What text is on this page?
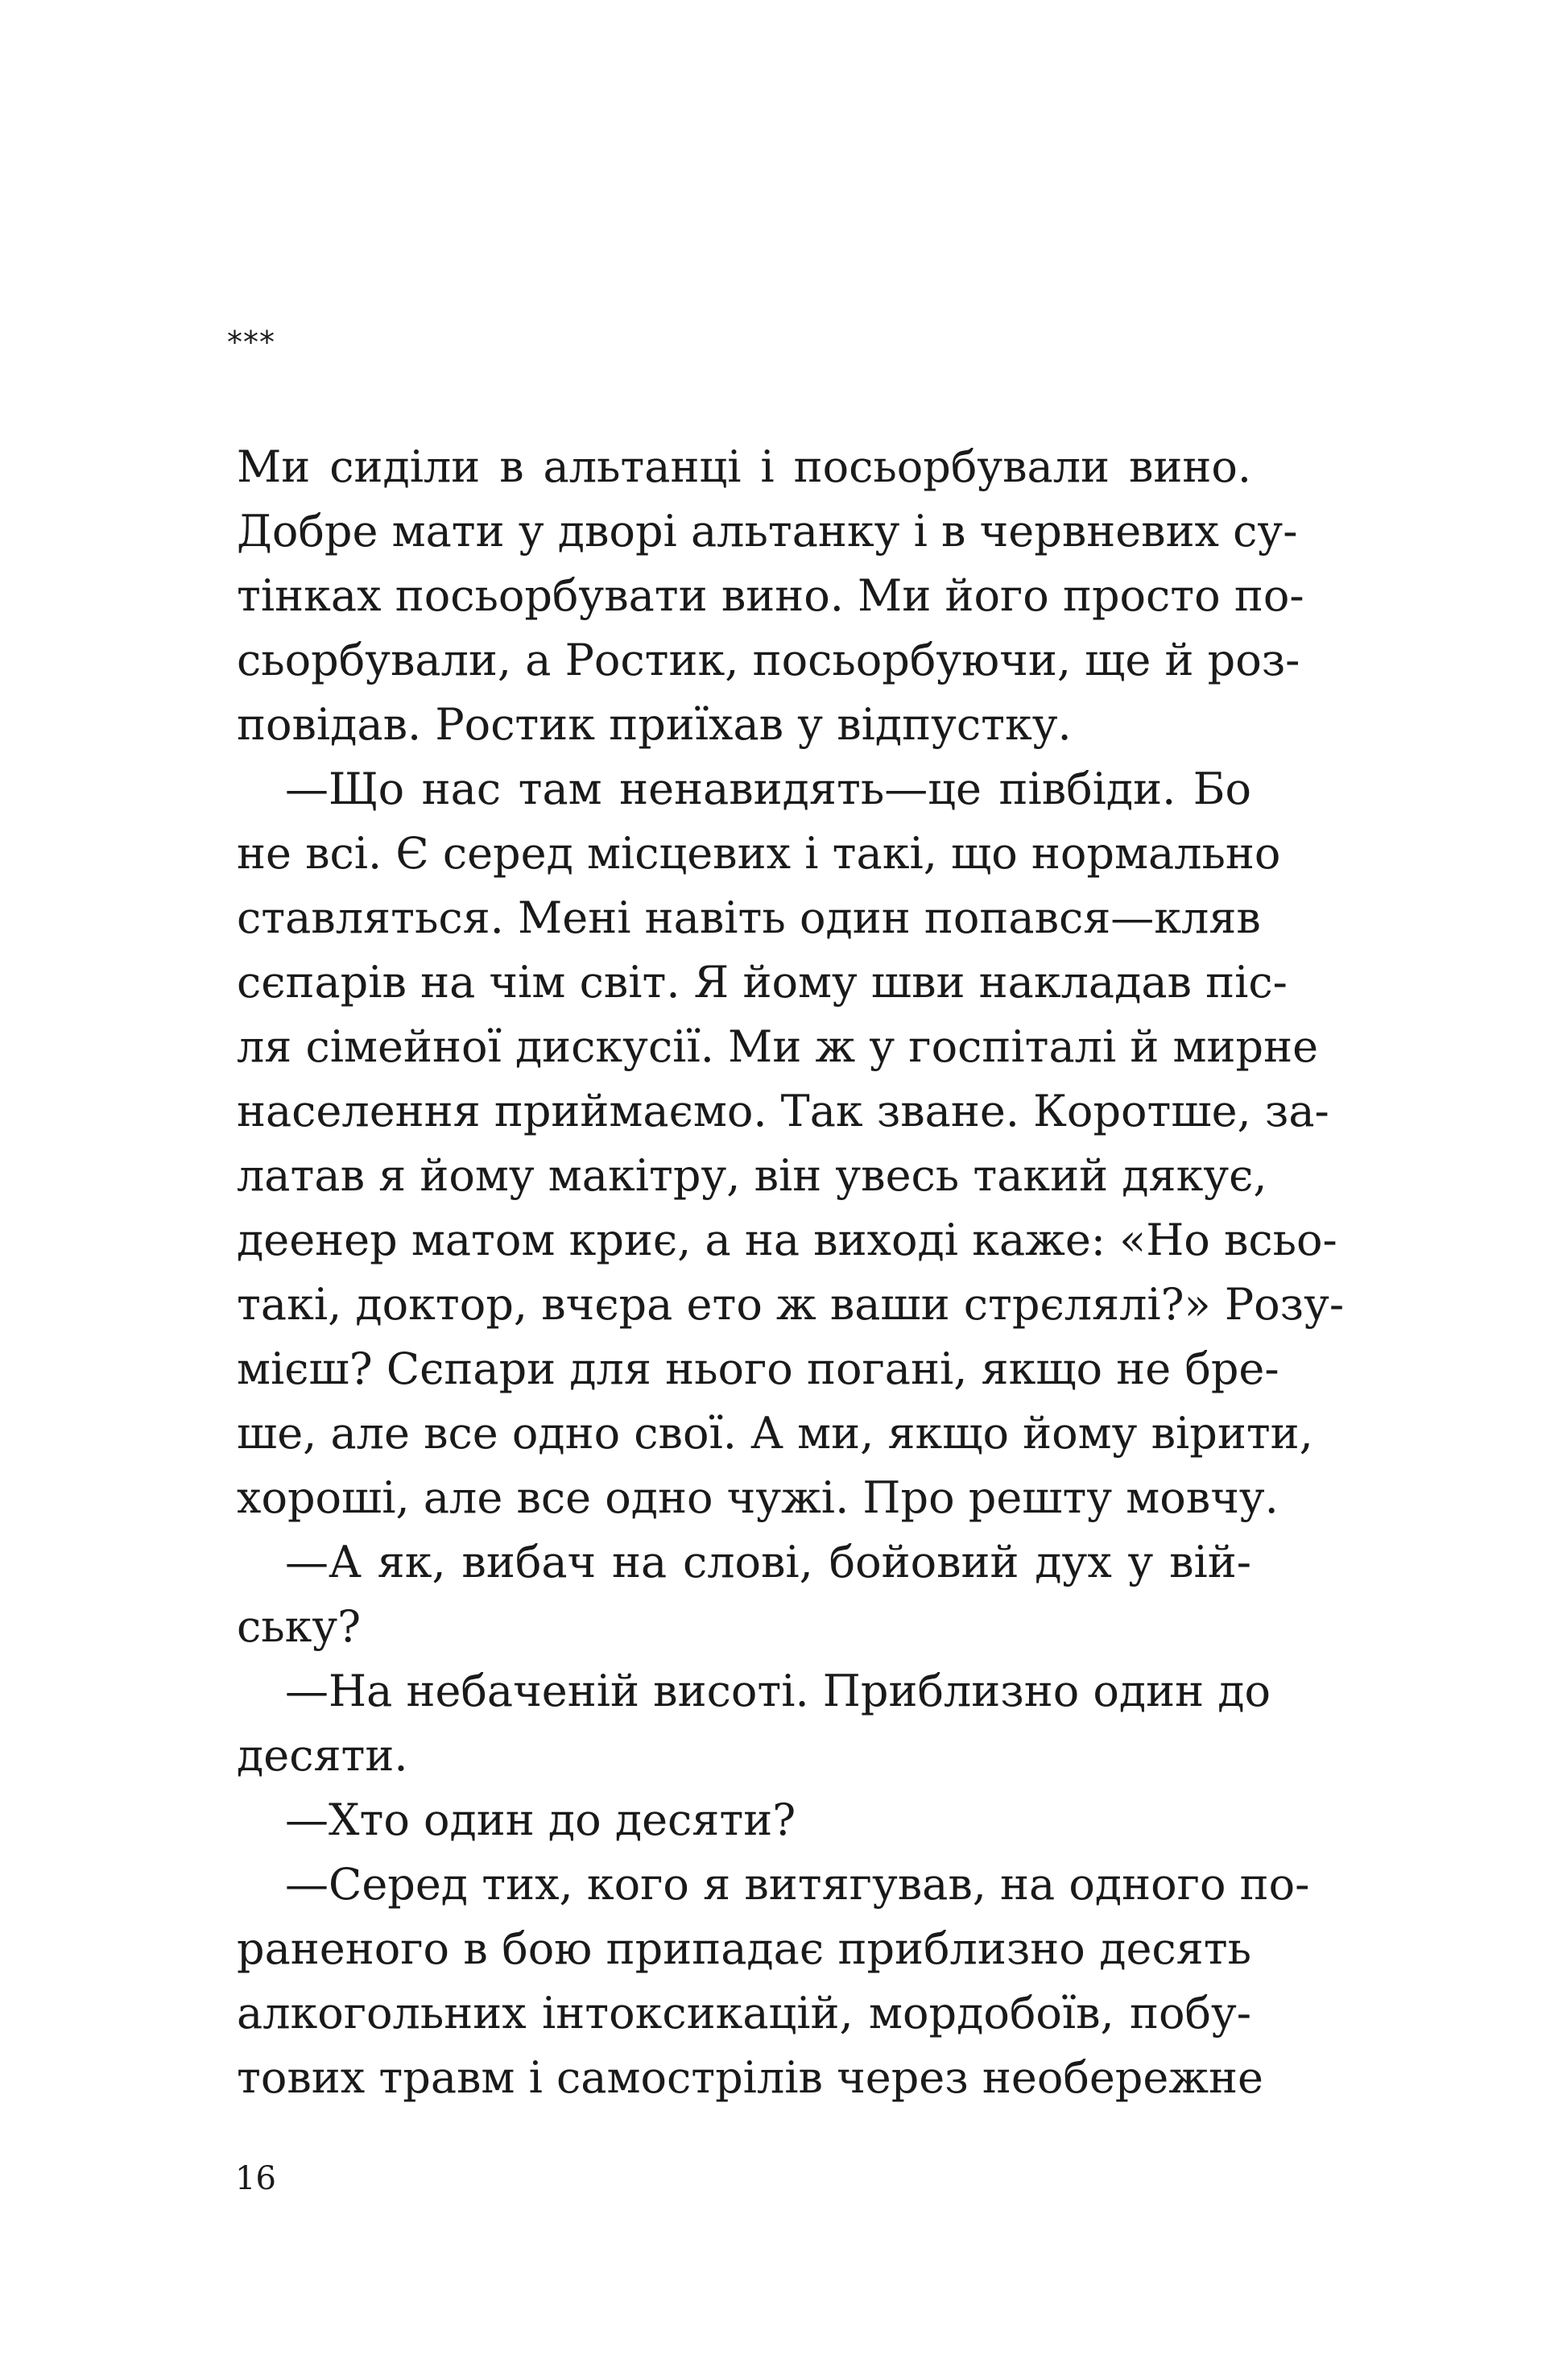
***
Ми сиділи в альтанці і посьорбували вино.
Добре мати у дворі альтанку і в червневих су-
тінках посьорбувати вино. Ми його просто по-
сьорбували, а Ростик, посьорбуючи, ще й роз-
повідав. Ростик приїхав у відпустку.
—Що нас там ненавидять—це півбіди. Бо
не всі. Є серед місцевих і такі, що нормально
ставляться. Мені навіть один попався—кляв
сєпарів на чім світ. Я йому шви накладав піс-
ля сімейної дискусії. Ми ж у госпіталі й мирне
населення приймаємо. Так зване. Коротше, за-
латав я йому макітру, він увесь такий дякує,
деенер матом криє, а на виході каже: «Но всьо-
такі, доктор, вчєра ето ж ваши стрєлялі?» Розу-
мієш? Сєпари для нього погані, якщо не бре-
ше, але все одно свої. А ми, якщо йому вірити,
хороші, але все одно чужі. Про решту мовчу.
—А як, вибач на слові, бойовий дух у вій-
ську?
—На небаченій висоті. Приблизно один до
десяти.
—Хто один до десяти?
—Серед тих, кого я витягував, на одного по-
раненого в бою припадає приблизно десять
алкогольних інтоксикацій, мордобоїв, побу-
тових травм і самострілів через необережне
16
